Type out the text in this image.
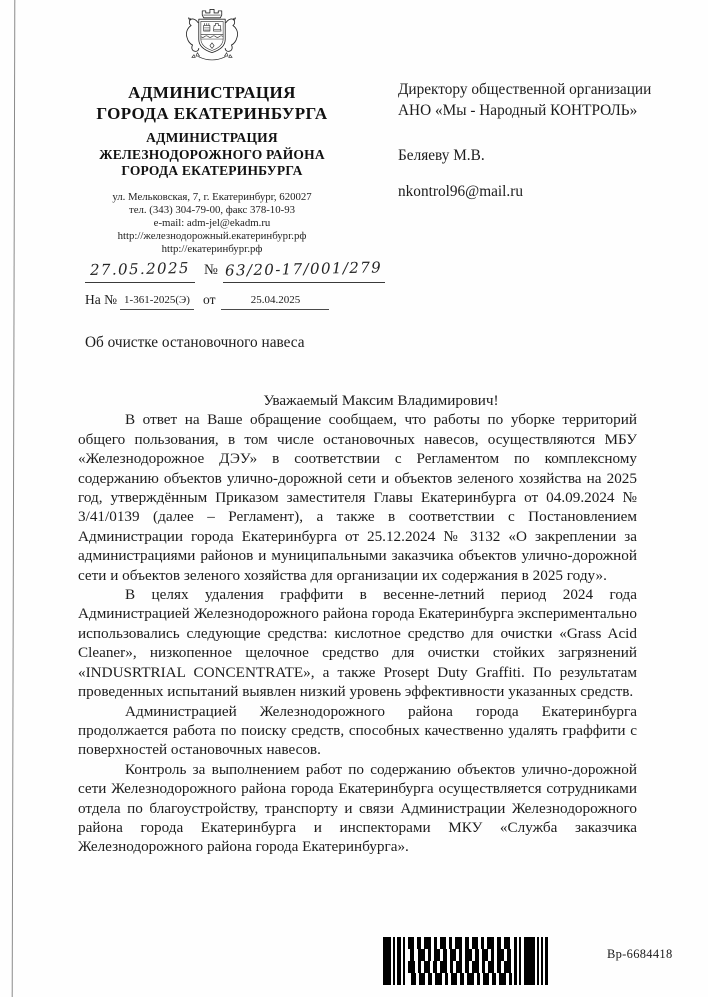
АДМИНИСТРАЦИЯ
ГОРОДА ЕКАТЕРИНБУРГА
АДМИНИСТРАЦИЯ
ЖЕЛЕЗНОДОРОЖНОГО РАЙОНА
ГОРОДА ЕКАТЕРИНБУРГА
ул. Мельковская, 7, г. Екатеринбург, 620027
тел. (343) 304-79-00, факс 378-10-93
e-mail: adm-jel@ekadm.ru
http://железнодорожный.екатеринбург.рф
http://екатеринбург.рф
Директору общественной организации
АНО «Мы - Народный КОНТРОЛЬ»
Беляеву М.В.
nkontrol96@mail.ru
27.05.2025 № 63/20-17/001/279
На № 1-361-2025(Э) от	25.04.2025
Об очистке остановочного навеса

Уважаемый Максим Владимирович!

В ответ на Ваше обращение сообщаем, что работы по уборке территорий общего пользования, в том числе остановочных навесов, осуществляются МБУ «Железнодорожное ДЭУ» в соответствии с Регламентом по комплексному содержанию объектов улично-дорожной сети и объектов зеленого хозяйства на 2025 год, утверждённым Приказом заместителя Главы Екатеринбурга от 04.09.2024 № 3/41/0139 (далее – Регламент), а также в соответствии с Постановлением Администрации города Екатеринбурга от 25.12.2024 № 3132 «О закреплении за администрациями районов и муниципальными заказчика объектов улично-дорожной сети и объектов зеленого хозяйства для организации их содержания в 2025 году».

В целях удаления граффити в весенне-летний период 2024 года Администрацией Железнодорожного района города Екатеринбурга экспериментально использовались следующие средства: кислотное средство для очистки «Grass Acid Cleaner», низкопенное щелочное средство для очистки стойких загрязнений «INDUSRTRIAL CONCENTRATE», а также Prosept Duty Graffiti. По результатам проведенных испытаний выявлен низкий уровень эффективности указанных средств.

Администрацией Железнодорожного района города Екатеринбурга продолжается работа по поиску средств, способных качественно удалять граффити с поверхностей остановочных навесов.

Контроль за выполнением работ по содержанию объектов улично-дорожной сети Железнодорожного района города Екатеринбурга осуществляется сотрудниками отдела по благоустройству, транспорту и связи Администрации Железнодорожного района города Екатеринбурга и инспекторами МКУ «Служба заказчика Железнодорожного района города Екатеринбурга».

Вр-6684418
